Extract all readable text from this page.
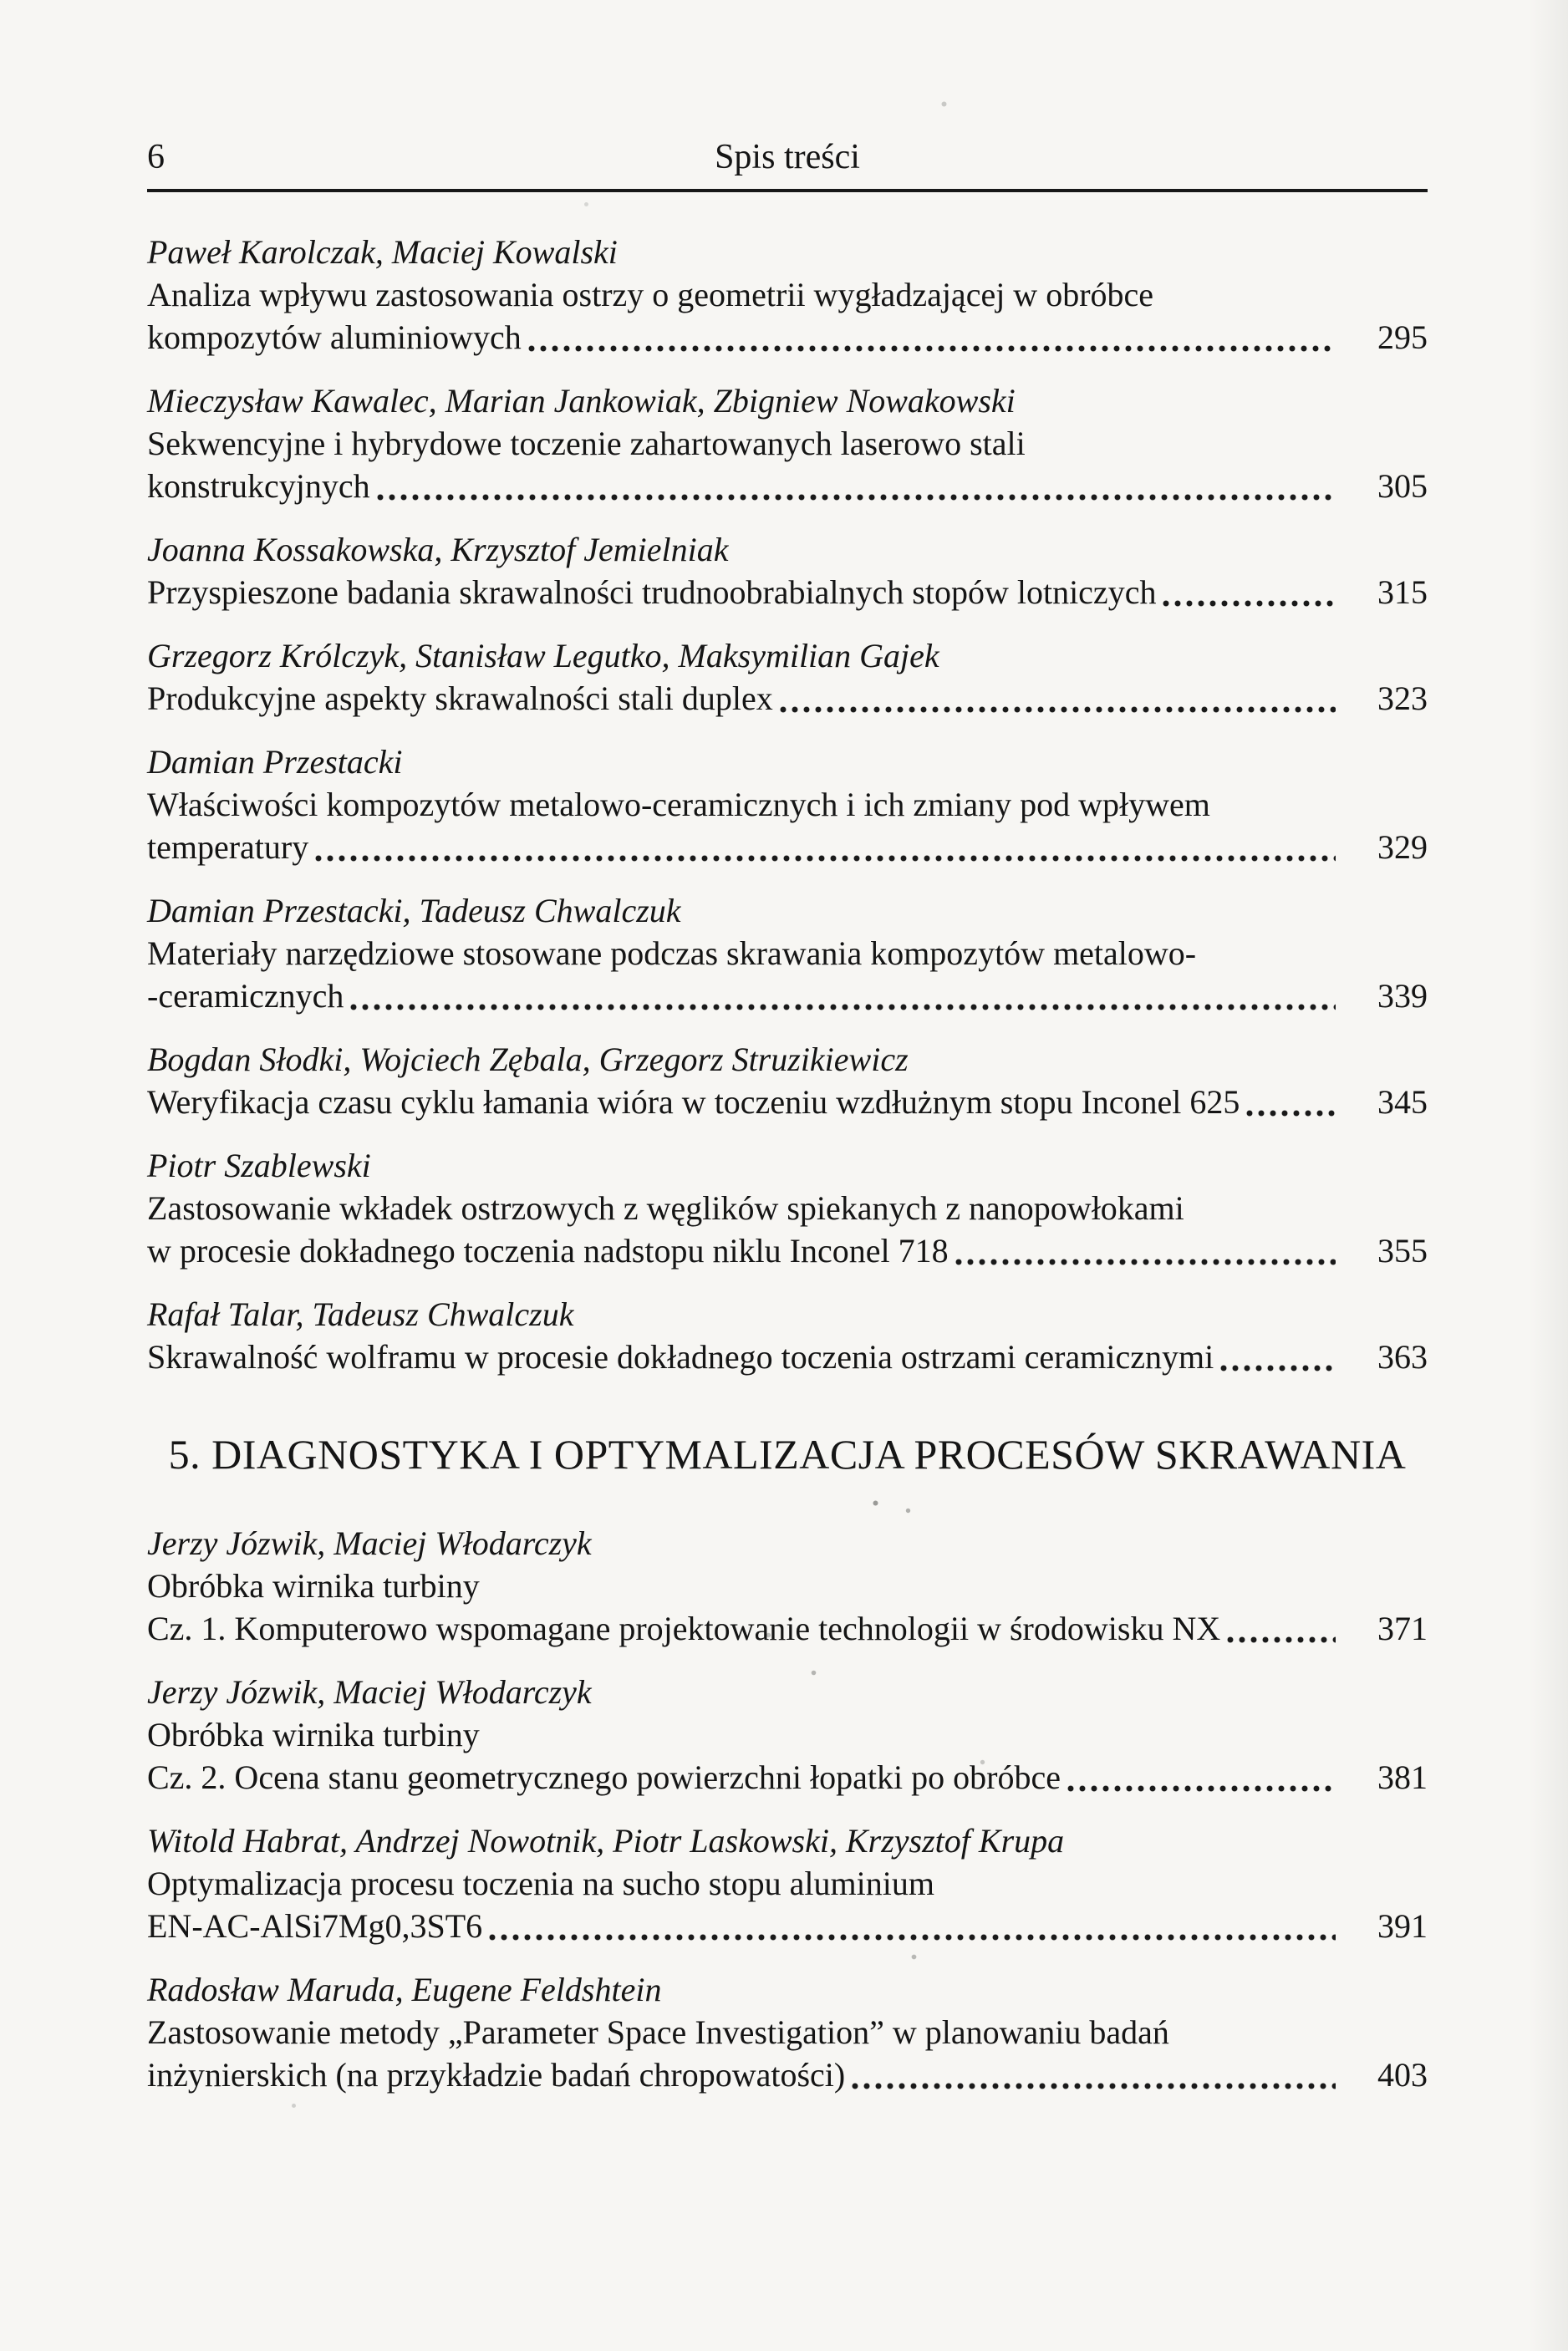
6	Spis treści
Paweł Karolczak, Maciej Kowalski
Analiza wpływu zastosowania ostrzy o geometrii wygładzającej w obróbce
kompozytów aluminiowych	295
Mieczysław Kawalec, Marian Jankowiak, Zbigniew Nowakowski
Sekwencyjne i hybrydowe toczenie zahartowanych laserowo stali
konstrukcyjnych	305
Joanna Kossakowska, Krzysztof Jemielniak
Przyspieszone badania skrawalności trudnoobrabialnych stopów lotniczych	315
Grzegorz Królczyk, Stanisław Legutko, Maksymilian Gajek
Produkcyjne aspekty skrawalności stali duplex	323
Damian Przestacki
Właściwości kompozytów metalowo-ceramicznych i ich zmiany pod wpływem
temperatury	329
Damian Przestacki, Tadeusz Chwalczuk
Materiały narzędziowe stosowane podczas skrawania kompozytów metalowo-
-ceramicznych	339
Bogdan Słodki, Wojciech Zębala, Grzegorz Struzikiewicz
Weryfikacja czasu cyklu łamania wióra w toczeniu wzdłużnym stopu Inconel 625	345
Piotr Szablewski
Zastosowanie wkładek ostrzowych z węglików spiekanych z nanopowłokami
w procesie dokładnego toczenia nadstopu niklu Inconel 718	355
Rafał Talar, Tadeusz Chwalczuk
Skrawalność wolframu w procesie dokładnego toczenia ostrzami ceramicznymi	363
5. DIAGNOSTYKA I OPTYMALIZACJA PROCESÓW SKRAWANIA
Jerzy Józwik, Maciej Włodarczyk
Obróbka wirnika turbiny
Cz. 1. Komputerowo wspomagane projektowanie technologii w środowisku NX	371
Jerzy Józwik, Maciej Włodarczyk
Obróbka wirnika turbiny
Cz. 2. Ocena stanu geometrycznego powierzchni łopatki po obróbce	381
Witold Habrat, Andrzej Nowotnik, Piotr Laskowski, Krzysztof Krupa
Optymalizacja procesu toczenia na sucho stopu aluminium
EN-AC-AlSi7Mg0,3ST6	391
Radosław Maruda, Eugene Feldshtein
Zastosowanie metody „Parameter Space Investigation” w planowaniu badań
inżynierskich (na przykładzie badań chropowatości)	403
